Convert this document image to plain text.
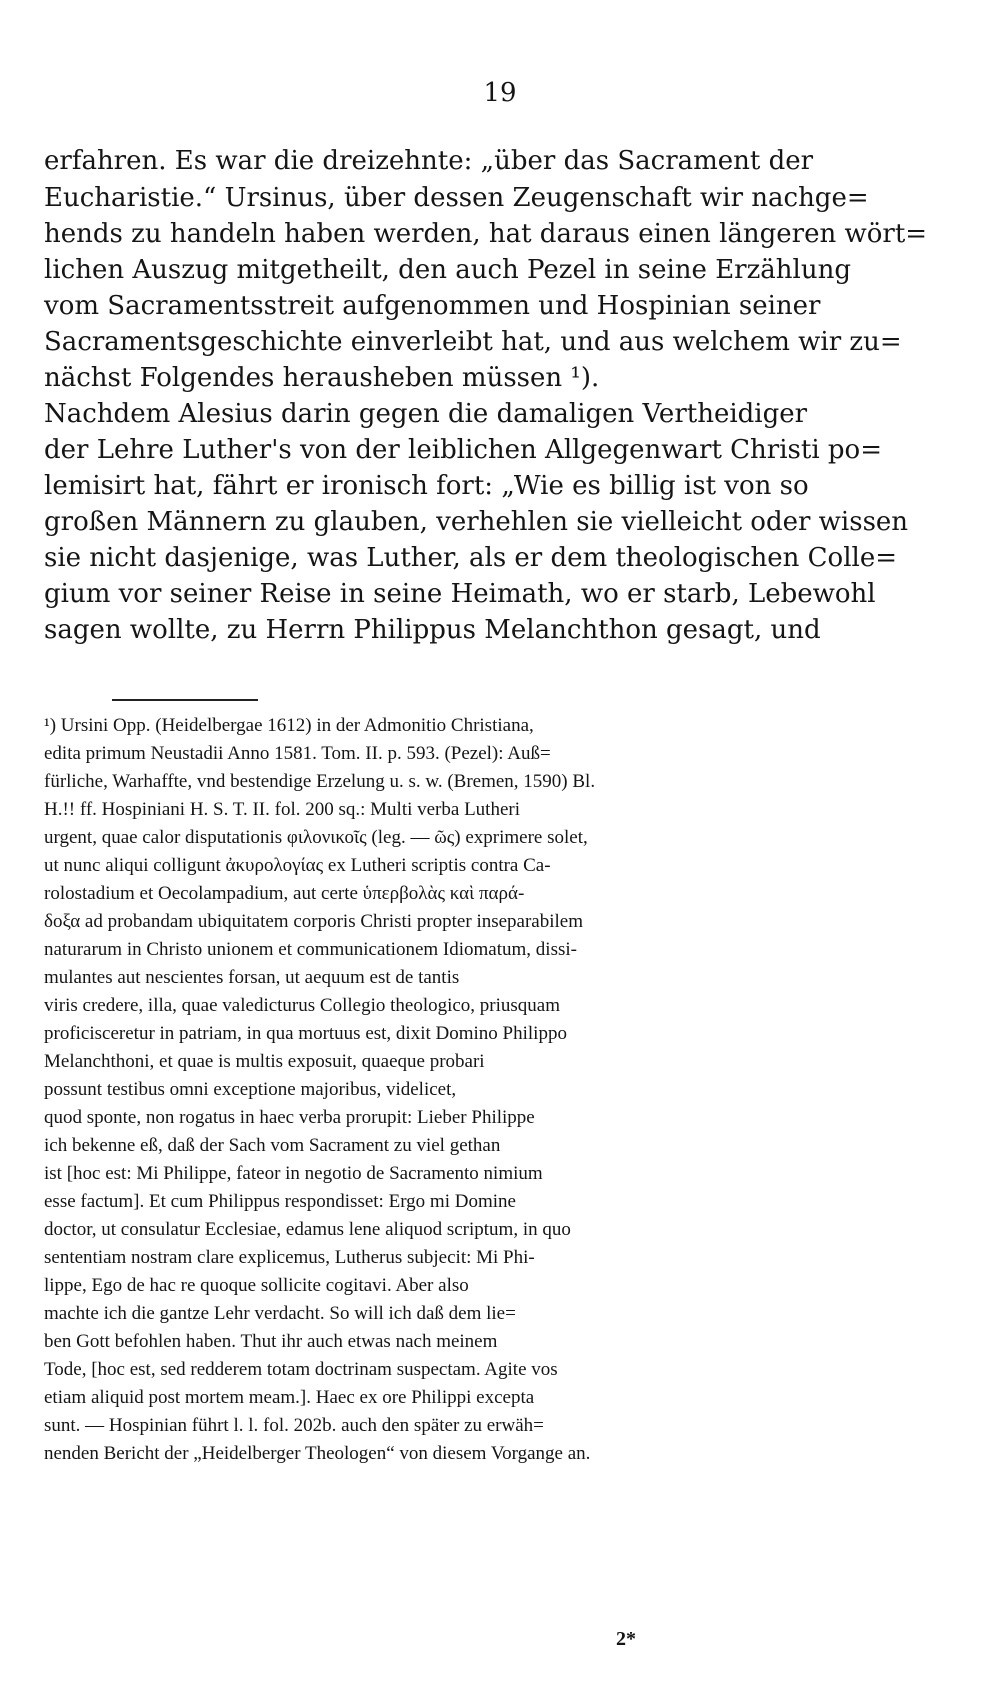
19
erfahren. Es war die dreizehnte: „über das Sacrament der
Eucharistie.“ Ursinus, über dessen Zeugenschaft wir nachge=
hends zu handeln haben werden, hat daraus einen längeren wört=
lichen Auszug mitgetheilt, den auch Pezel in seine Erzählung
vom Sacramentsstreit aufgenommen und Hospinian seiner
Sacramentsgeschichte einverleibt hat, und aus welchem wir zu=
nächst Folgendes herausheben müssen ¹).
Nachdem Alesius darin gegen die damaligen Vertheidiger
der Lehre Luther's von der leiblichen Allgegenwart Christi po=
lemisirt hat, fährt er ironisch fort: „Wie es billig ist von so
großen Männern zu glauben, verhehlen sie vielleicht oder wissen
sie nicht dasjenige, was Luther, als er dem theologischen Colle=
gium vor seiner Reise in seine Heimath, wo er starb, Lebewohl
sagen wollte, zu Herrn Philippus Melanchthon gesagt, und
¹) Ursini Opp. (Heidelbergae 1612) in der Admonitio Christiana,
edita primum Neustadii Anno 1581. Tom. II. p. 593. (Pezel): Auß=
fürliche, Warhaffte, vnd bestendige Erzelung u. s. w. (Bremen, 1590) Bl.
H.!! ff. Hospiniani H. S. T. II. fol. 200 sq.: Multi verba Lutheri
urgent, quae calor disputationis φιλονικοῖς (leg. — ῶς) exprimere solet,
ut nunc aliqui colligunt ἀκυρολογίας ex Lutheri scriptis contra Ca-
rolostadium et Oecolampadium, aut certe ὑπερβολὰς καὶ παρά-
δοξα ad probandam ubiquitatem corporis Christi propter inseparabilem
naturarum in Christo unionem et communicationem Idiomatum, dissi-
mulantes aut nescientes forsan, ut aequum est de tantis
viris credere, illa, quae valedicturus Collegio theologico, priusquam
proficisceretur in patriam, in qua mortuus est, dixit Domino Philippo
Melanchthoni, et quae is multis exposuit, quaeque probari
possunt testibus omni exceptione majoribus, videlicet,
quod sponte, non rogatus in haec verba prorupit: Lieber Philippe
ich bekenne eß, daß der Sach vom Sacrament zu viel gethan
ist [hoc est: Mi Philippe, fateor in negotio de Sacramento nimium
esse factum]. Et cum Philippus respondisset: Ergo mi Domine
doctor, ut consulatur Ecclesiae, edamus lene aliquod scriptum, in quo
sententiam nostram clare explicemus, Lutherus subjecit: Mi Phi-
lippe, Ego de hac re quoque sollicite cogitavi. Aber also
machte ich die gantze Lehr verdacht. So will ich daß dem lie=
ben Gott befohlen haben. Thut ihr auch etwas nach meinem
Tode, [hoc est, sed redderem totam doctrinam suspectam. Agite vos
etiam aliquid post mortem meam.]. Haec ex ore Philippi excepta
sunt. — Hospinian führt l. l. fol. 202b. auch den später zu erwäh=
nenden Bericht der „Heidelberger Theologen“ von diesem Vorgange an.
2*
